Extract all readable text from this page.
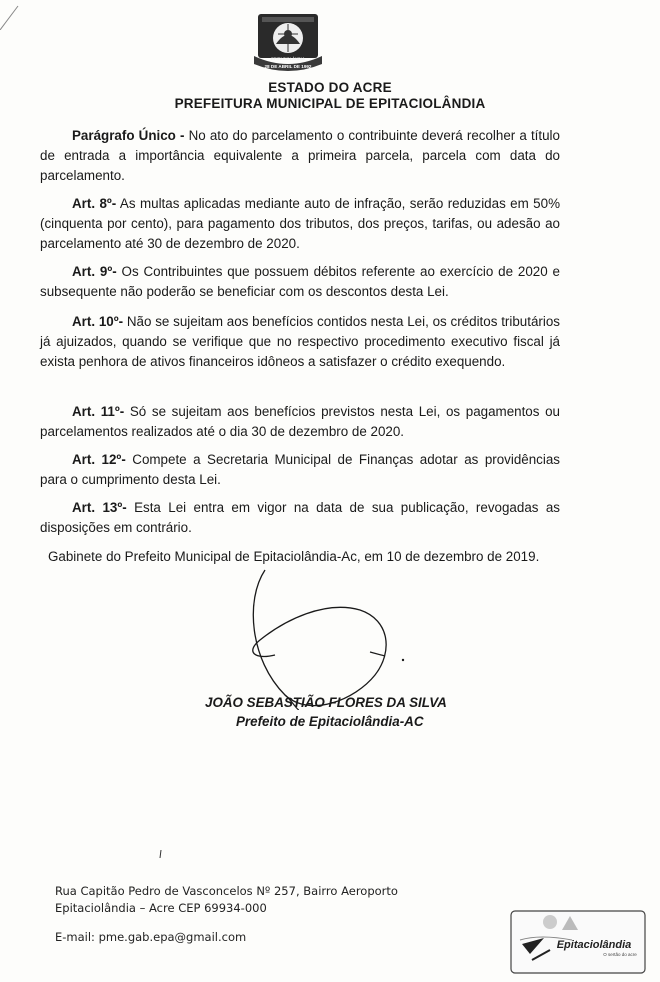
EPITACIOLÂNDIA
28 DE ABRIL DE 1992
ESTADO DO ACRE
PREFEITURA MUNICIPAL DE EPITACIOLÂNDIA
Parágrafo Único - No ato do parcelamento o contribuinte deverá recolher a título de entrada a importância equivalente a primeira parcela, parcela com data do parcelamento.
Art. 8º- As multas aplicadas mediante auto de infração, serão reduzidas em 50% (cinquenta por cento), para pagamento dos tributos, dos preços, tarifas, ou adesão ao parcelamento até 30 de dezembro de 2020.
Art. 9º- Os Contribuintes que possuem débitos referente ao exercício de 2020 e subsequente não poderão se beneficiar com os descontos desta Lei.
Art. 10º- Não se sujeitam aos benefícios contidos nesta Lei, os créditos tributários já ajuizados, quando se verifique que no respectivo procedimento executivo fiscal já exista penhora de ativos financeiros idôneos a satisfazer o crédito exequendo.
Art. 11º- Só se sujeitam aos benefícios previstos nesta Lei, os pagamentos ou parcelamentos realizados até o dia 30 de dezembro de 2020.
Art. 12º- Compete a Secretaria Municipal de Finanças adotar as providências para o cumprimento desta Lei.
Art. 13º- Esta Lei entra em vigor na data de sua publicação, revogadas as disposições em contrário.
Gabinete do Prefeito Municipal de Epitaciolândia-Ac, em 10 de dezembro de 2019.
JOÃO SEBASTIÃO FLORES DA SILVA
Prefeito de Epitaciolândia-AC
Rua Capitão Pedro de Vasconcelos Nº 257, Bairro Aeroporto
Epitaciolândia – Acre CEP 69934-000
E-mail: pme.gab.epa@gmail.com
Epitaciolândia
O sertão do acre
